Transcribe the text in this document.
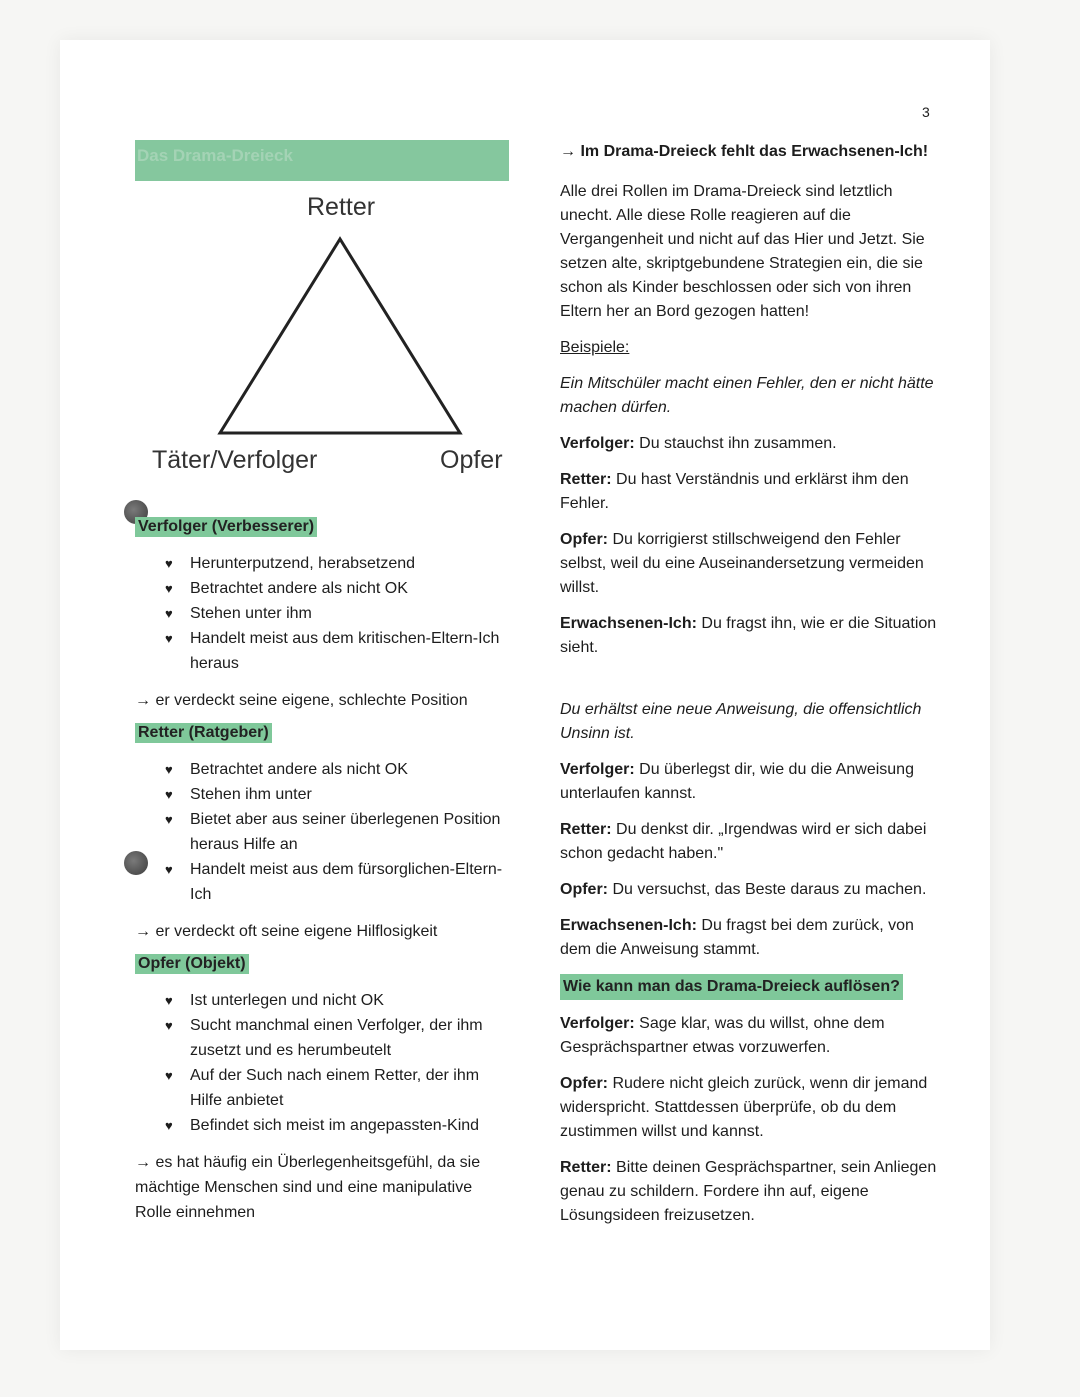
3
Das Drama-Dreieck
Retter
Täter/Verfolger	Opfer
Verfolger (Verbesserer)
♥ Herunterputzend, herabsetzend
♥ Betrachtet andere als nicht OK
♥ Stehen unter ihm
♥ Handelt meist aus dem kritischen-Eltern-Ich heraus
→ er verdeckt seine eigene, schlechte Position
Retter (Ratgeber)
♥ Betrachtet andere als nicht OK
♥ Stehen ihm unter
♥ Bietet aber aus seiner überlegenen Position heraus Hilfe an
♥ Handelt meist aus dem fürsorglichen-Eltern-Ich
→ er verdeckt oft seine eigene Hilflosigkeit
Opfer (Objekt)
♥ Ist unterlegen und nicht OK
♥ Sucht manchmal einen Verfolger, der ihm zusetzt und es herumbeutelt
♥ Auf der Such nach einem Retter, der ihm Hilfe anbietet
♥ Befindet sich meist im angepassten-Kind
→ es hat häufig ein Überlegenheitsgefühl, da sie mächtige Menschen sind und eine manipulative Rolle einnehmen

→ Im Drama-Dreieck fehlt das Erwachsenen-Ich!

Alle drei Rollen im Drama-Dreieck sind letztlich unecht. Alle diese Rolle reagieren auf die Vergangenheit und nicht auf das Hier und Jetzt. Sie setzen alte, skriptgebundene Strategien ein, die sie schon als Kinder beschlossen oder sich von ihren Eltern her an Bord gezogen hatten!

Beispiele:

Ein Mitschüler macht einen Fehler, den er nicht hätte machen dürfen.

Verfolger: Du stauchst ihn zusammen.

Retter: Du hast Verständnis und erklärst ihm den Fehler.

Opfer: Du korrigierst stillschweigend den Fehler selbst, weil du eine Auseinandersetzung vermeiden willst.

Erwachsenen-Ich: Du fragst ihn, wie er die Situation sieht.

Du erhältst eine neue Anweisung, die offensichtlich Unsinn ist.

Verfolger: Du überlegst dir, wie du die Anweisung unterlaufen kannst.

Retter: Du denkst dir. „Irgendwas wird er sich dabei schon gedacht haben."

Opfer: Du versuchst, das Beste daraus zu machen.

Erwachsenen-Ich: Du fragst bei dem zurück, von dem die Anweisung stammt.

Wie kann man das Drama-Dreieck auflösen?

Verfolger: Sage klar, was du willst, ohne dem Gesprächspartner etwas vorzuwerfen.

Opfer: Rudere nicht gleich zurück, wenn dir jemand widerspricht. Stattdessen überprüfe, ob du dem zustimmen willst und kannst.

Retter: Bitte deinen Gesprächspartner, sein Anliegen genau zu schildern. Fordere ihn auf, eigene Lösungsideen freizusetzen.
